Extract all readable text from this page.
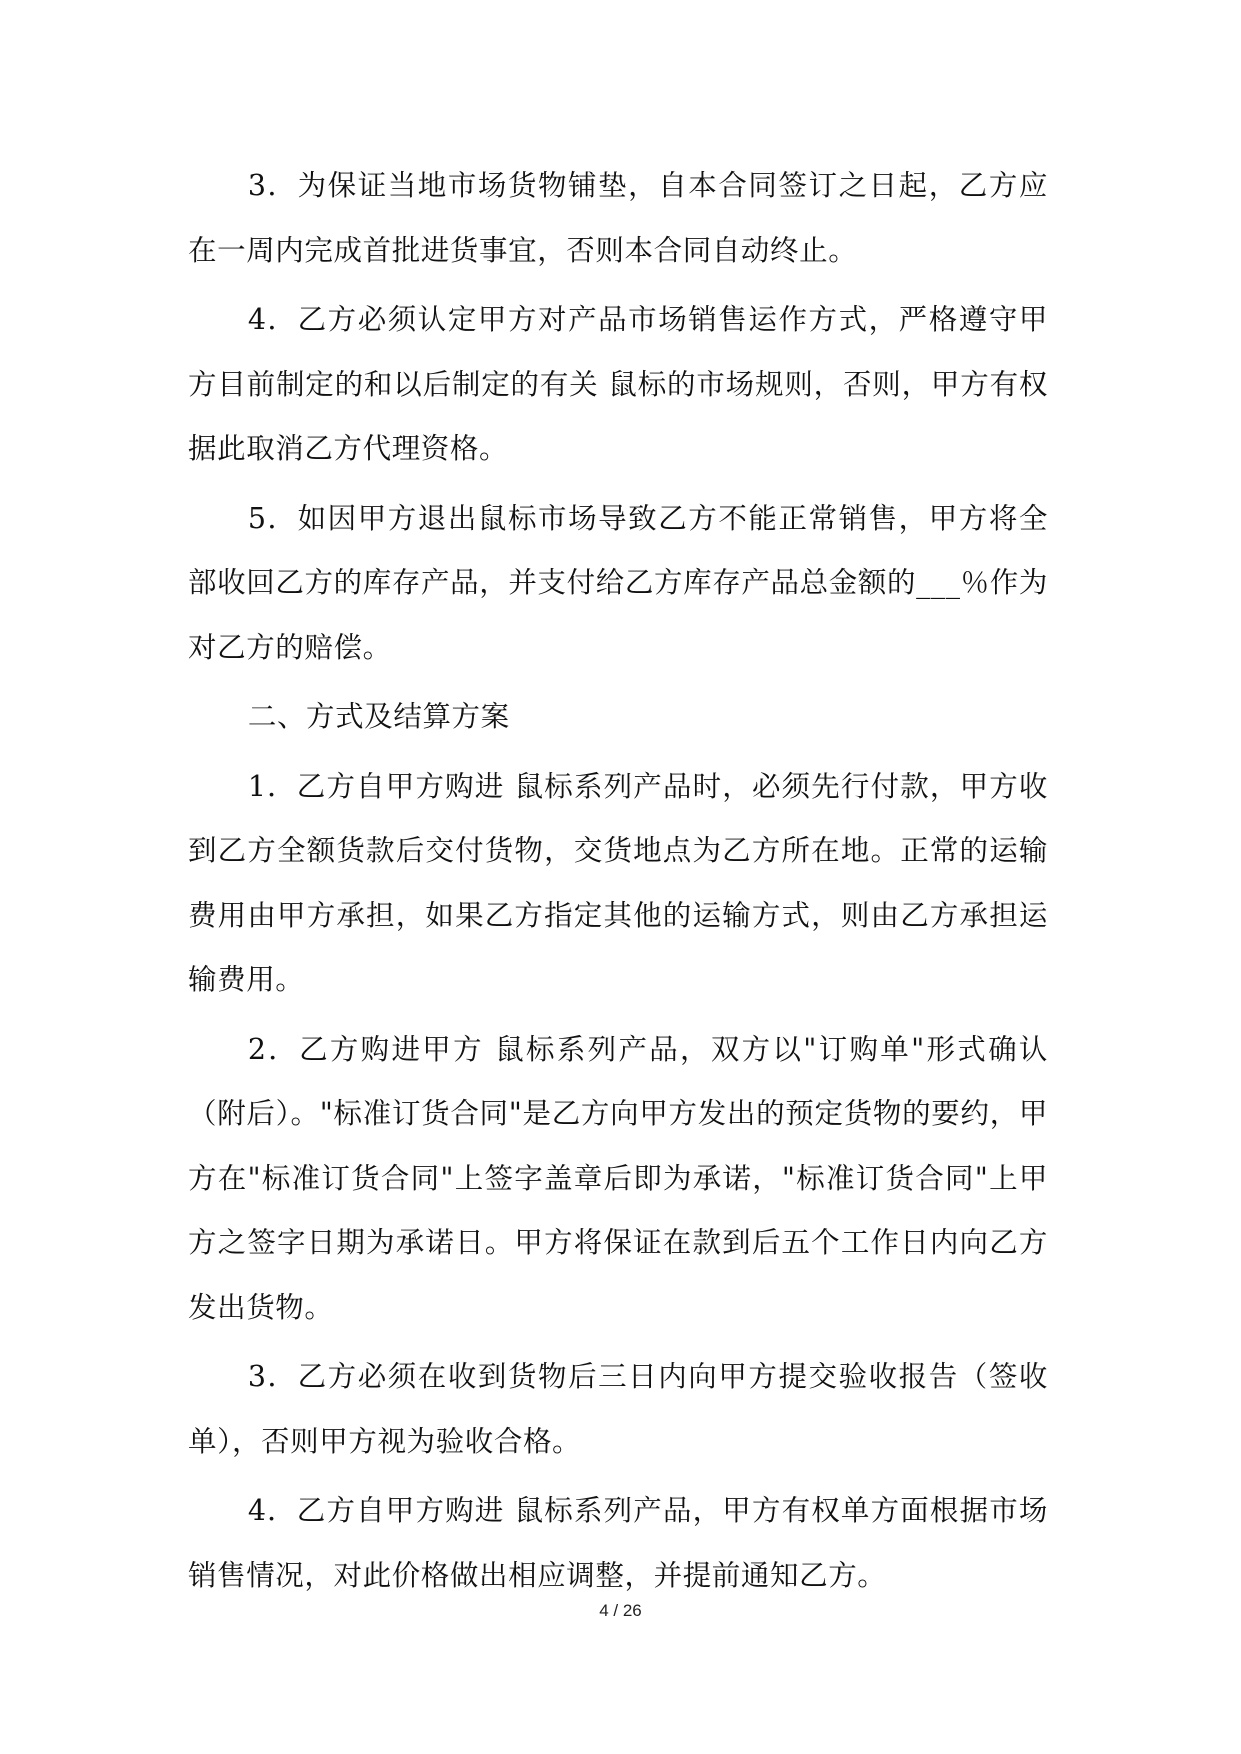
3．为保证当地市场货物铺垫，自本合同签订之日起，乙方应在一周内完成首批进货事宜，否则本合同自动终止。

4．乙方必须认定甲方对产品市场销售运作方式，严格遵守甲方目前制定的和以后制定的有关 鼠标的市场规则，否则，甲方有权据此取消乙方代理资格。

5．如因甲方退出鼠标市场导致乙方不能正常销售，甲方将全部收回乙方的库存产品，并支付给乙方库存产品总金额的___％作为对乙方的赔偿。

二、方式及结算方案

1．乙方自甲方购进 鼠标系列产品时，必须先行付款，甲方收到乙方全额货款后交付货物，交货地点为乙方所在地。正常的运输费用由甲方承担，如果乙方指定其他的运输方式，则由乙方承担运输费用。

2．乙方购进甲方 鼠标系列产品，双方以"订购单"形式确认（附后）。"标准订货合同"是乙方向甲方发出的预定货物的要约，甲方在"标准订货合同"上签字盖章后即为承诺，"标准订货合同"上甲方之签字日期为承诺日。甲方将保证在款到后五个工作日内向乙方发出货物。

3．乙方必须在收到货物后三日内向甲方提交验收报告（签收单），否则甲方视为验收合格。

4．乙方自甲方购进 鼠标系列产品，甲方有权单方面根据市场销售情况，对此价格做出相应调整，并提前通知乙方。

4 / 26
